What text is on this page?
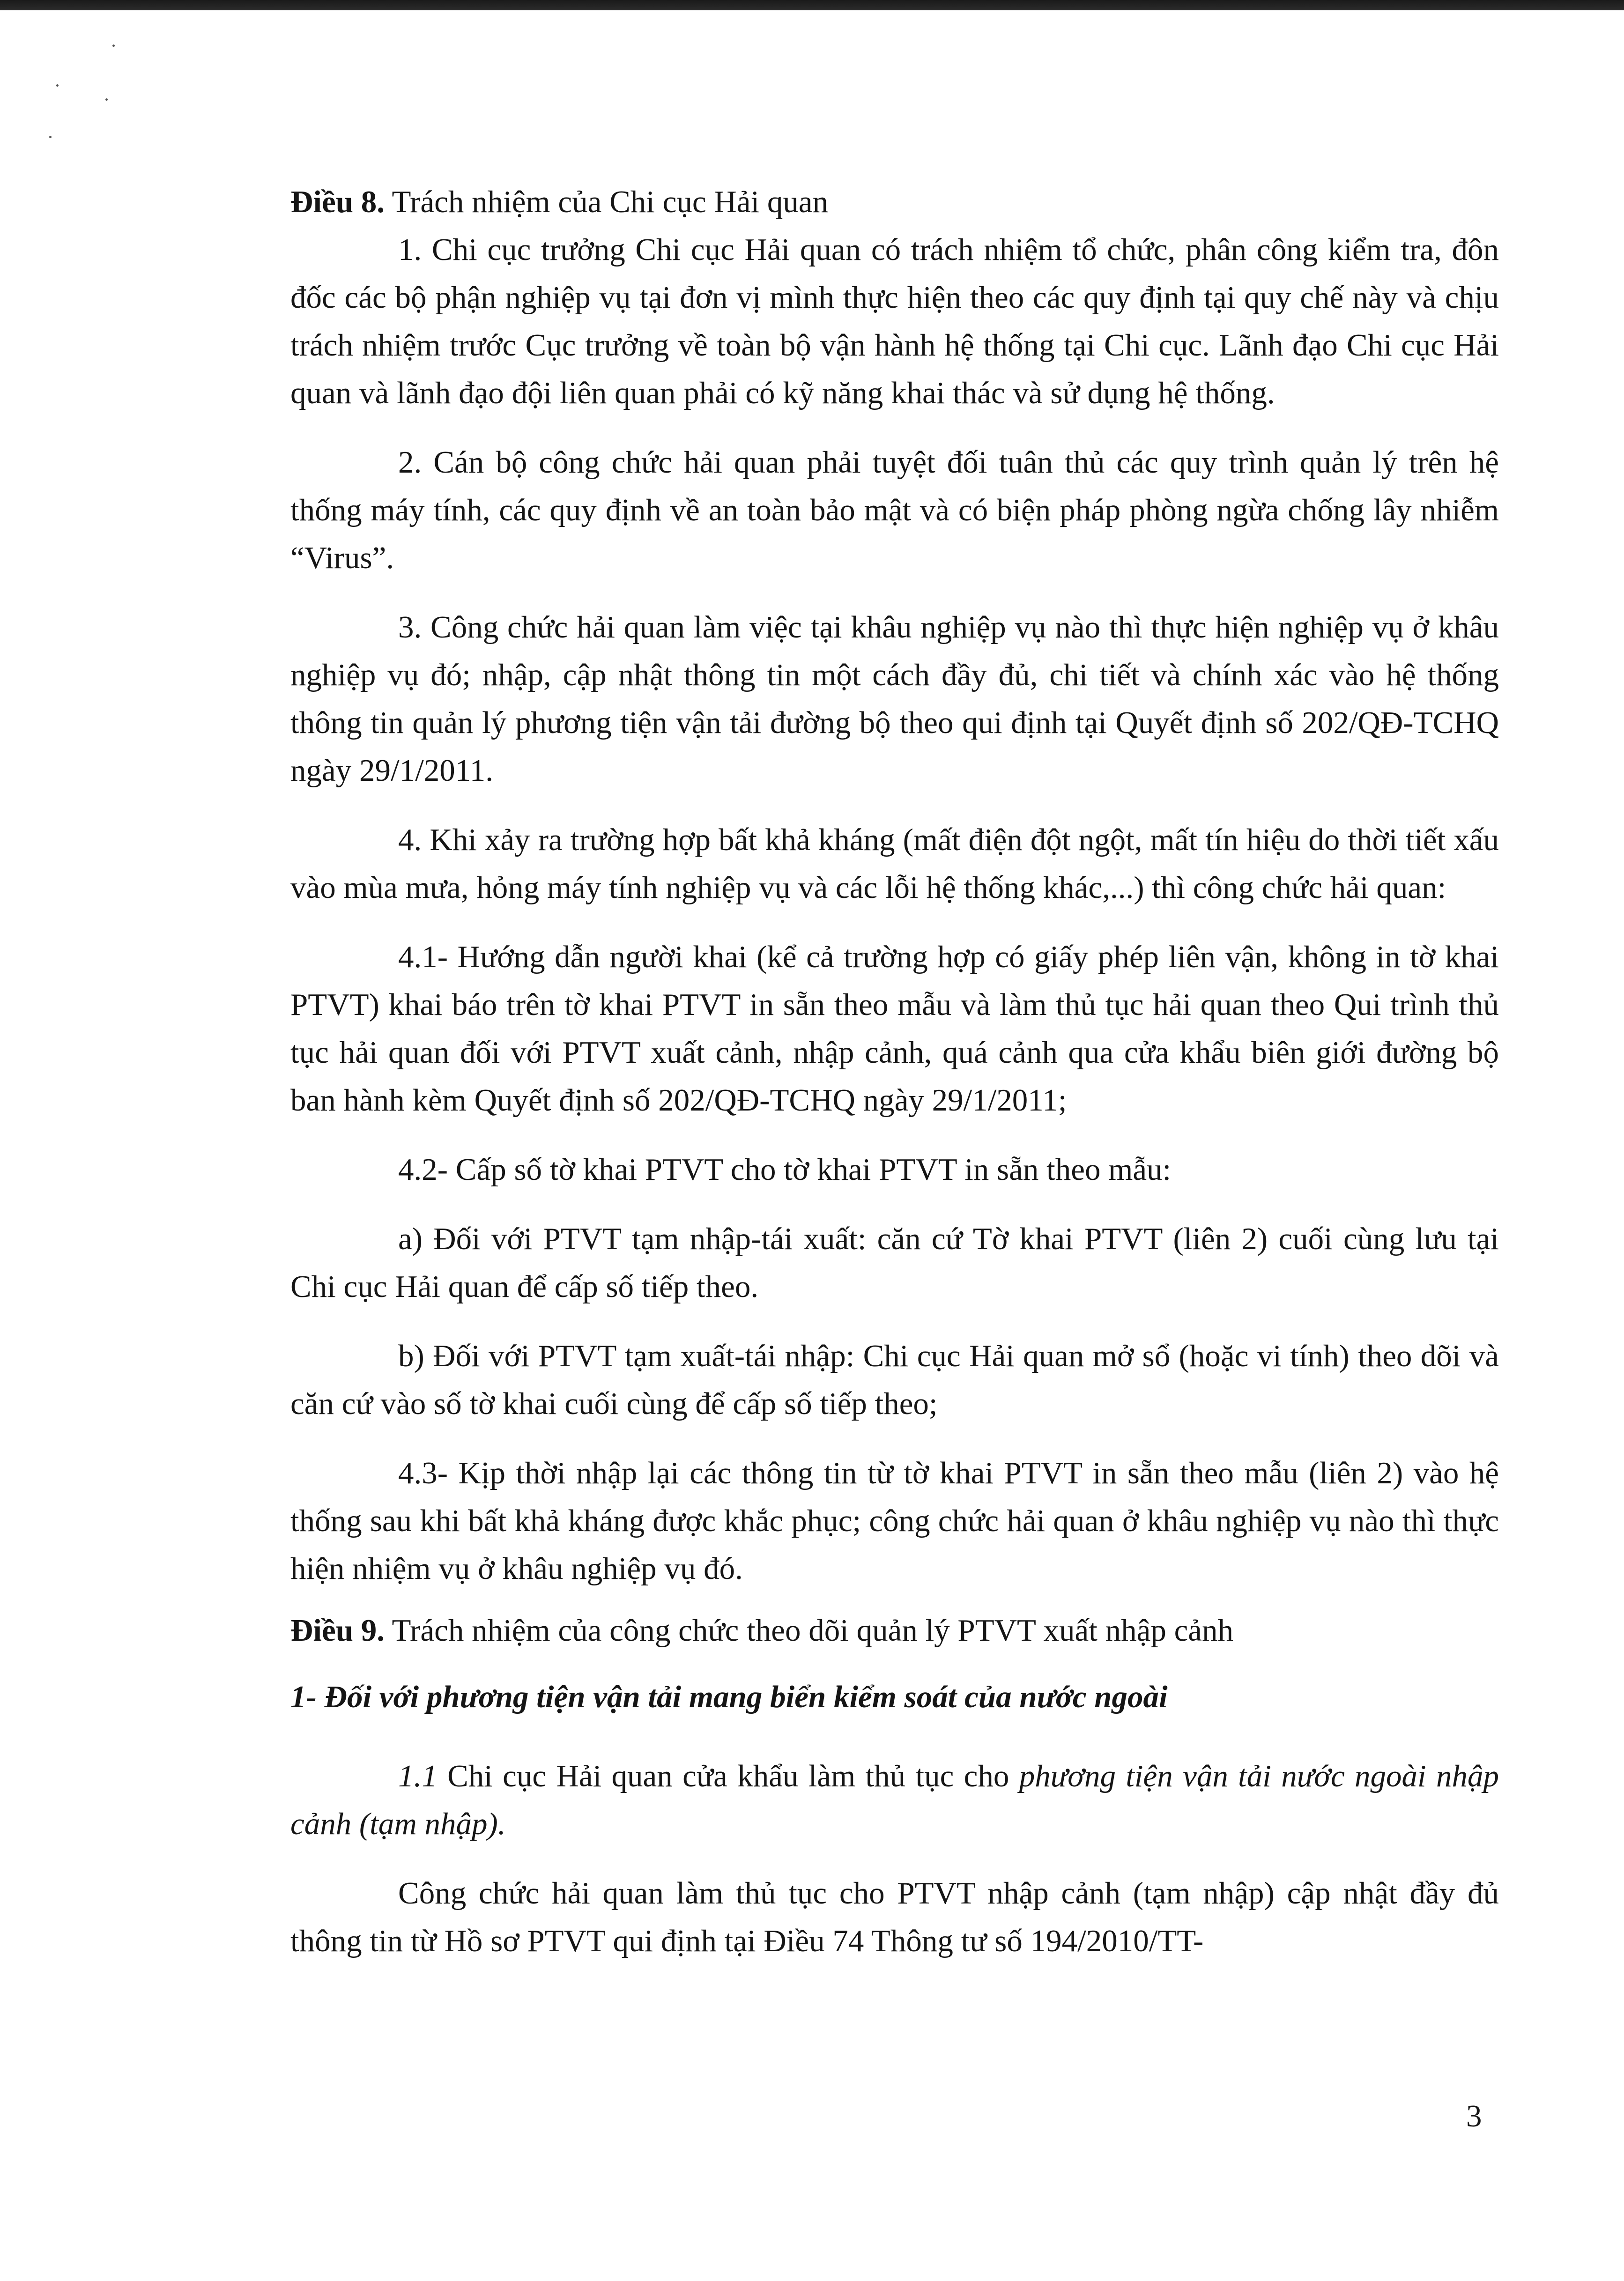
Điều 8. Trách nhiệm của Chi cục Hải quan

1. Chi cục trưởng Chi cục Hải quan có trách nhiệm tổ chức, phân công kiểm tra, đôn đốc các bộ phận nghiệp vụ tại đơn vị mình thực hiện theo các quy định tại quy chế này và chịu trách nhiệm trước Cục trưởng về toàn bộ vận hành hệ thống tại Chi cục. Lãnh đạo Chi cục Hải quan và lãnh đạo đội liên quan phải có kỹ năng khai thác và sử dụng hệ thống.

2. Cán bộ công chức hải quan phải tuyệt đối tuân thủ các quy trình quản lý trên hệ thống máy tính, các quy định về an toàn bảo mật và có biện pháp phòng ngừa chống lây nhiễm “Virus”.

3. Công chức hải quan làm việc tại khâu nghiệp vụ nào thì thực hiện nghiệp vụ ở khâu nghiệp vụ đó; nhập, cập nhật thông tin một cách đầy đủ, chi tiết và chính xác vào hệ thống thông tin quản lý phương tiện vận tải đường bộ theo qui định tại Quyết định số 202/QĐ-TCHQ ngày 29/1/2011.

4. Khi xảy ra trường hợp bất khả kháng (mất điện đột ngột, mất tín hiệu do thời tiết xấu vào mùa mưa, hỏng máy tính nghiệp vụ và các lỗi hệ thống khác,...) thì công chức hải quan:

4.1- Hướng dẫn người khai (kể cả trường hợp có giấy phép liên vận, không in tờ khai PTVT) khai báo trên tờ khai PTVT in sẵn theo mẫu và làm thủ tục hải quan theo Qui trình thủ tục hải quan đối với PTVT xuất cảnh, nhập cảnh, quá cảnh qua cửa khẩu biên giới đường bộ ban hành kèm Quyết định số 202/QĐ-TCHQ ngày 29/1/2011;

4.2- Cấp số tờ khai PTVT cho tờ khai PTVT in sẵn theo mẫu:

a) Đối với PTVT tạm nhập-tái xuất: căn cứ Tờ khai PTVT (liên 2) cuối cùng lưu tại Chi cục Hải quan để cấp số tiếp theo.

b) Đối với PTVT tạm xuất-tái nhập: Chi cục Hải quan mở sổ (hoặc vi tính) theo dõi và căn cứ vào số tờ khai cuối cùng để cấp số tiếp theo;

4.3- Kịp thời nhập lại các thông tin từ tờ khai PTVT in sẵn theo mẫu (liên 2) vào hệ thống sau khi bất khả kháng được khắc phục; công chức hải quan ở khâu nghiệp vụ nào thì thực hiện nhiệm vụ ở khâu nghiệp vụ đó.

Điều 9. Trách nhiệm của công chức theo dõi quản lý PTVT xuất nhập cảnh

1- Đối với phương tiện vận tải mang biển kiểm soát của nước ngoài

1.1 Chi cục Hải quan cửa khẩu làm thủ tục cho phương tiện vận tải nước ngoài nhập cảnh (tạm nhập).

Công chức hải quan làm thủ tục cho PTVT nhập cảnh (tạm nhập) cập nhật đầy đủ thông tin từ Hồ sơ PTVT qui định tại Điều 74 Thông tư số 194/2010/TT-

3
